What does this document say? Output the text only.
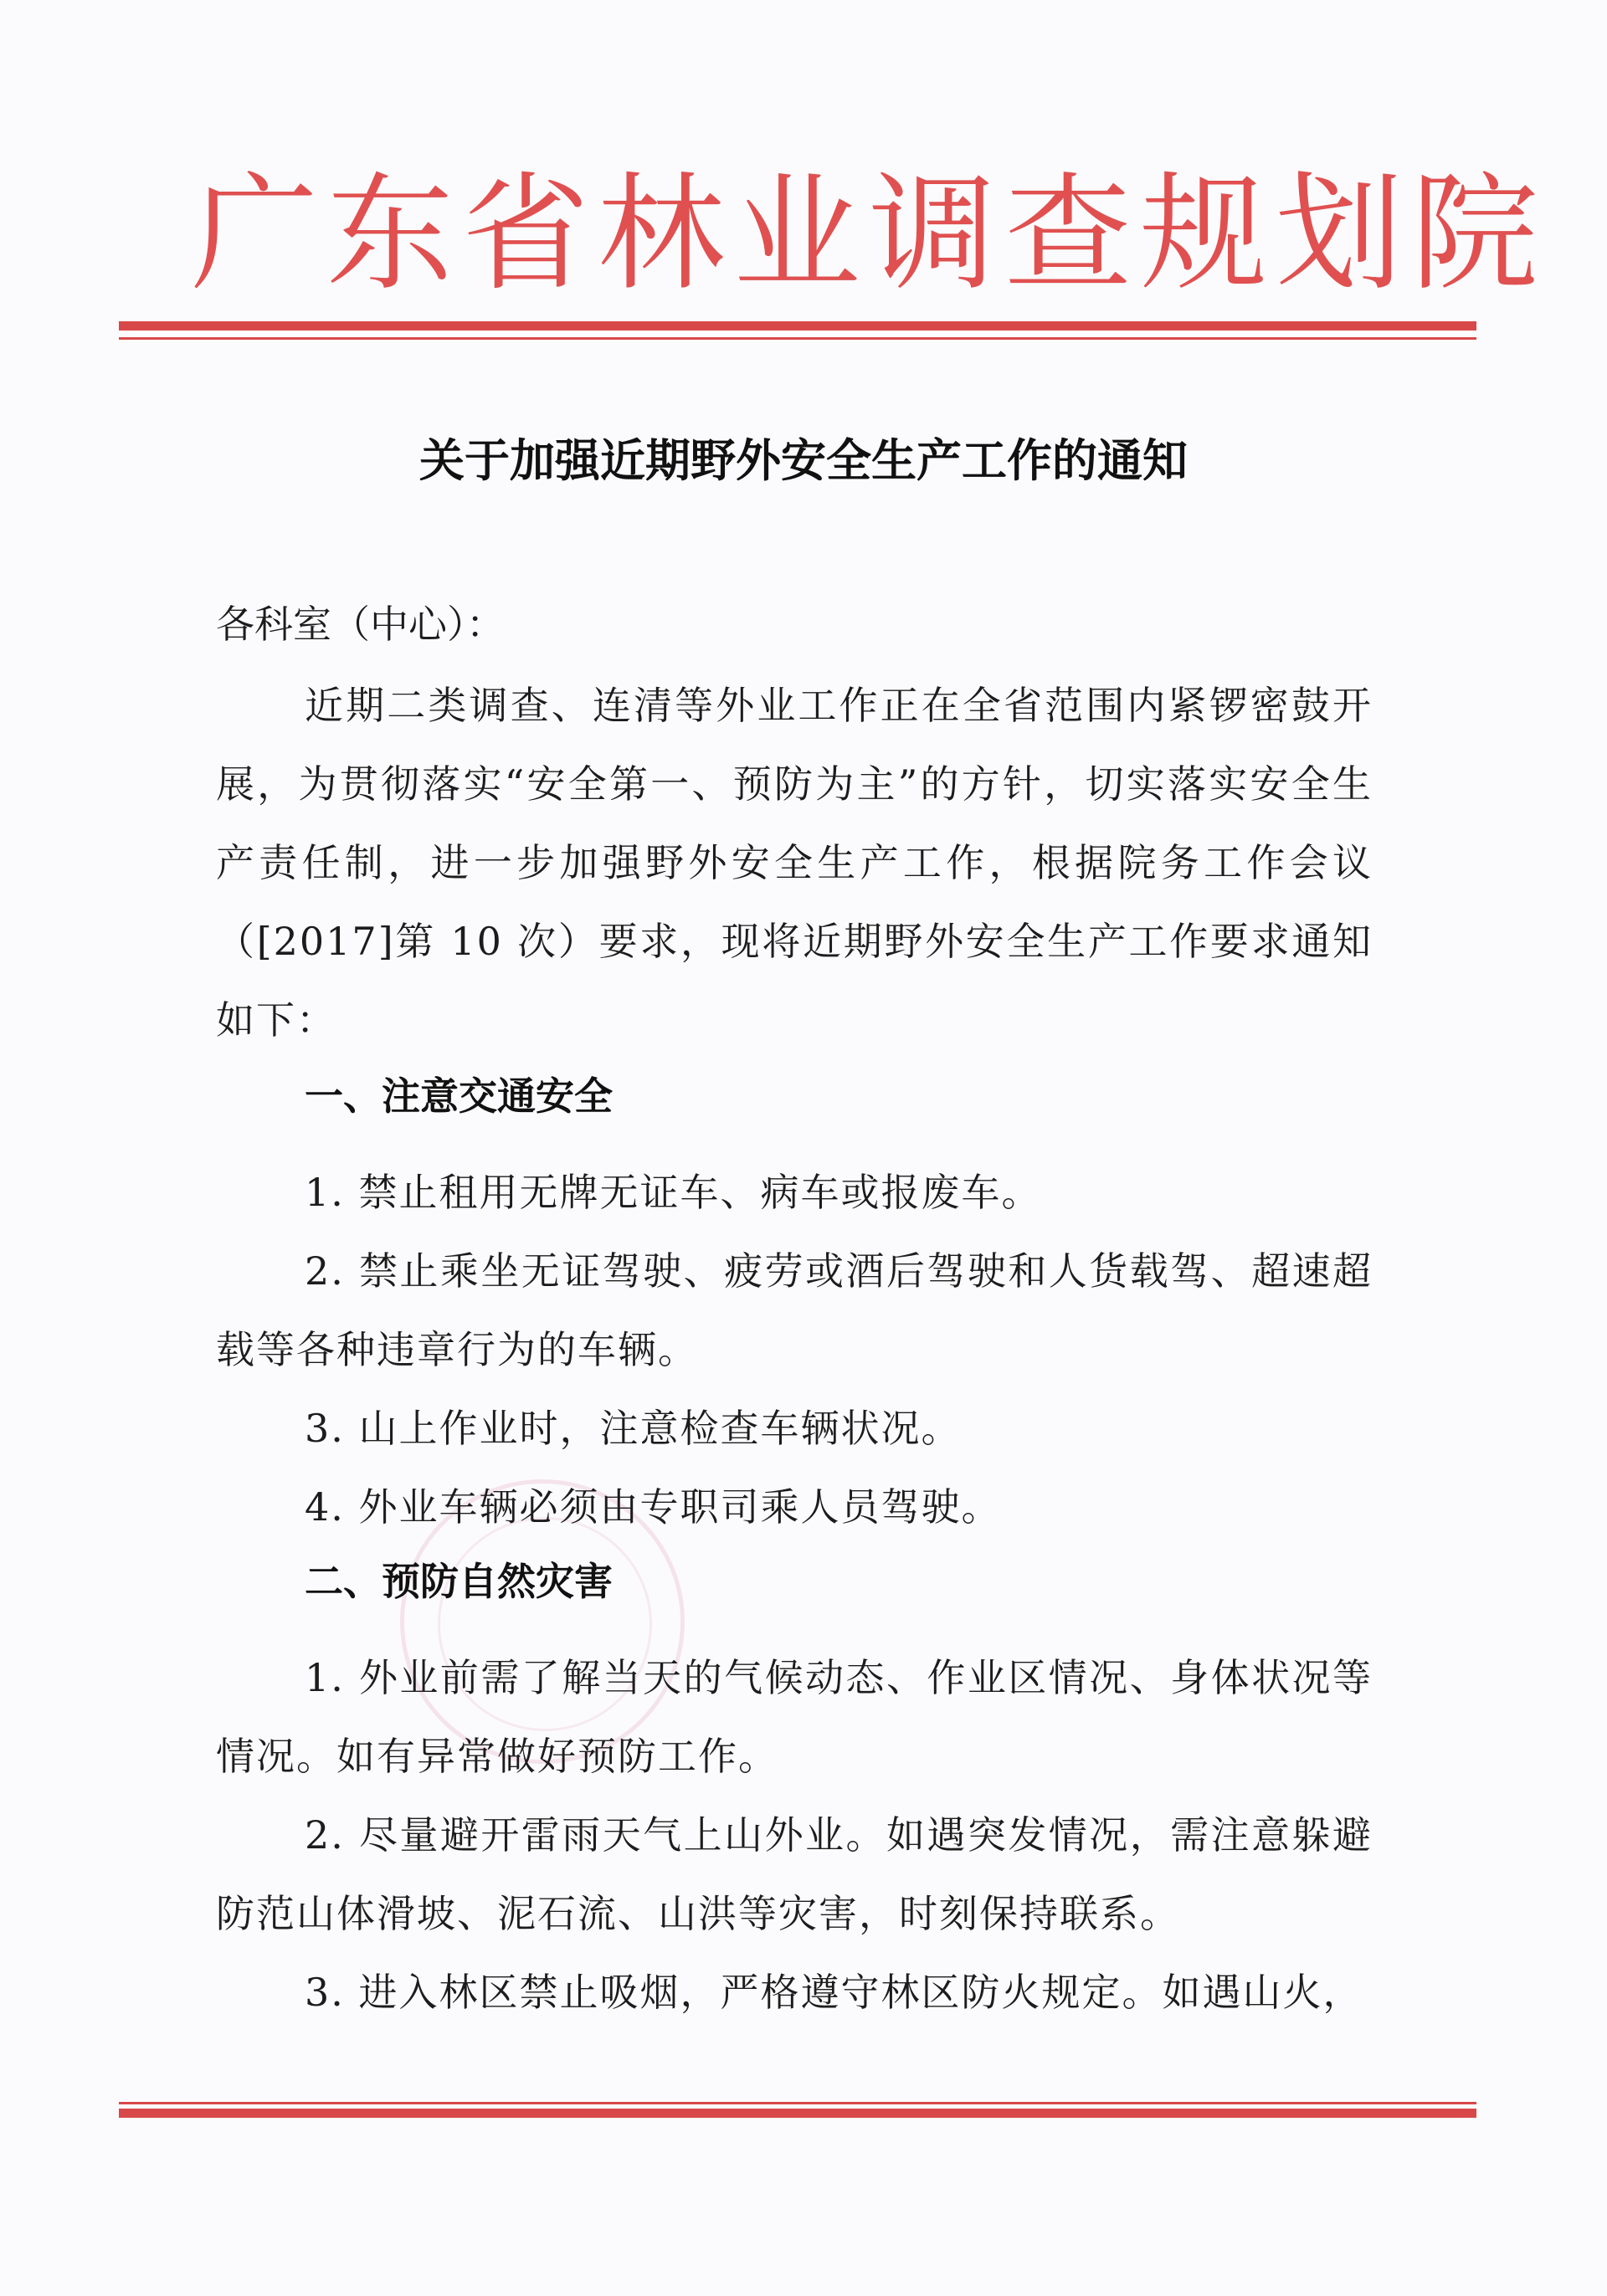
广东省林业调查规划院
关于加强近期野外安全生产工作的通知
各科室（中心）：
近期二类调查、连清等外业工作正在全省范围内紧锣密鼓开展，为贯彻落实“安全第一、预防为主”的方针，切实落实安全生产责任制，进一步加强野外安全生产工作，根据院务工作会议（[2017]第 10 次）要求，现将近期野外安全生产工作要求通知如下：
一、注意交通安全
1. 禁止租用无牌无证车、病车或报废车。
2. 禁止乘坐无证驾驶、疲劳或酒后驾驶和人货载驾、超速超载等各种违章行为的车辆。
3. 山上作业时，注意检查车辆状况。
4. 外业车辆必须由专职司乘人员驾驶。
二、预防自然灾害
1. 外业前需了解当天的气候动态、作业区情况、身体状况等情况。如有异常做好预防工作。
2. 尽量避开雷雨天气上山外业。如遇突发情况，需注意躲避防范山体滑坡、泥石流、山洪等灾害，时刻保持联系。
3. 进入林区禁止吸烟，严格遵守林区防火规定。如遇山火，
